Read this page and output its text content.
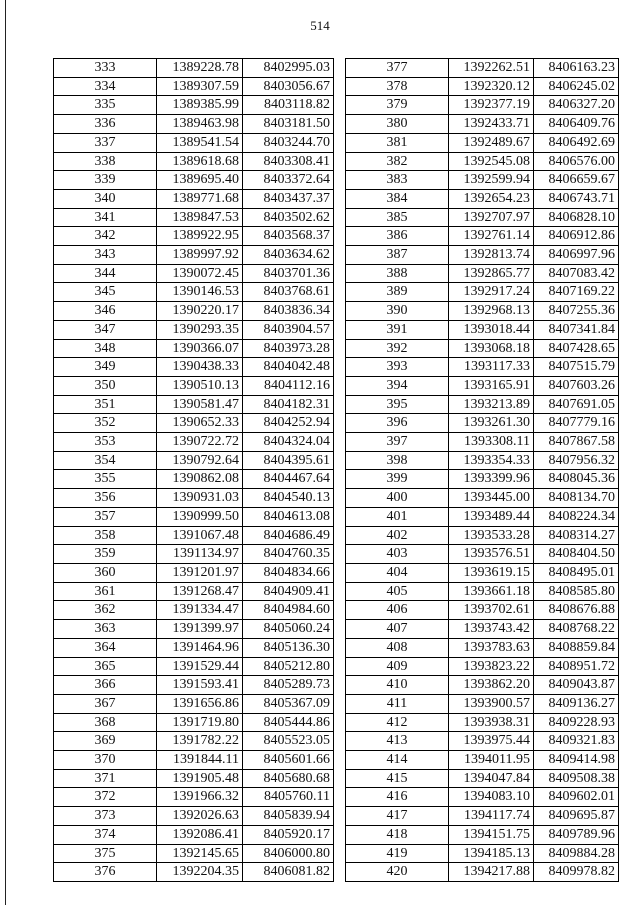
514
333	1389228.78	8402995.03
334	1389307.59	8403056.67
335	1389385.99	8403118.82
336	1389463.98	8403181.50
337	1389541.54	8403244.70
338	1389618.68	8403308.41
339	1389695.40	8403372.64
340	1389771.68	8403437.37
341	1389847.53	8403502.62
342	1389922.95	8403568.37
343	1389997.92	8403634.62
344	1390072.45	8403701.36
345	1390146.53	8403768.61
346	1390220.17	8403836.34
347	1390293.35	8403904.57
348	1390366.07	8403973.28
349	1390438.33	8404042.48
350	1390510.13	8404112.16
351	1390581.47	8404182.31
352	1390652.33	8404252.94
353	1390722.72	8404324.04
354	1390792.64	8404395.61
355	1390862.08	8404467.64
356	1390931.03	8404540.13
357	1390999.50	8404613.08
358	1391067.48	8404686.49
359	1391134.97	8404760.35
360	1391201.97	8404834.66
361	1391268.47	8404909.41
362	1391334.47	8404984.60
363	1391399.97	8405060.24
364	1391464.96	8405136.30
365	1391529.44	8405212.80
366	1391593.41	8405289.73
367	1391656.86	8405367.09
368	1391719.80	8405444.86
369	1391782.22	8405523.05
370	1391844.11	8405601.66
371	1391905.48	8405680.68
372	1391966.32	8405760.11
373	1392026.63	8405839.94
374	1392086.41	8405920.17
375	1392145.65	8406000.80
376	1392204.35	8406081.82
377	1392262.51	8406163.23
378	1392320.12	8406245.02
379	1392377.19	8406327.20
380	1392433.71	8406409.76
381	1392489.67	8406492.69
382	1392545.08	8406576.00
383	1392599.94	8406659.67
384	1392654.23	8406743.71
385	1392707.97	8406828.10
386	1392761.14	8406912.86
387	1392813.74	8406997.96
388	1392865.77	8407083.42
389	1392917.24	8407169.22
390	1392968.13	8407255.36
391	1393018.44	8407341.84
392	1393068.18	8407428.65
393	1393117.33	8407515.79
394	1393165.91	8407603.26
395	1393213.89	8407691.05
396	1393261.30	8407779.16
397	1393308.11	8407867.58
398	1393354.33	8407956.32
399	1393399.96	8408045.36
400	1393445.00	8408134.70
401	1393489.44	8408224.34
402	1393533.28	8408314.27
403	1393576.51	8408404.50
404	1393619.15	8408495.01
405	1393661.18	8408585.80
406	1393702.61	8408676.88
407	1393743.42	8408768.22
408	1393783.63	8408859.84
409	1393823.22	8408951.72
410	1393862.20	8409043.87
411	1393900.57	8409136.27
412	1393938.31	8409228.93
413	1393975.44	8409321.83
414	1394011.95	8409414.98
415	1394047.84	8409508.38
416	1394083.10	8409602.01
417	1394117.74	8409695.87
418	1394151.75	8409789.96
419	1394185.13	8409884.28
420	1394217.88	8409978.82
